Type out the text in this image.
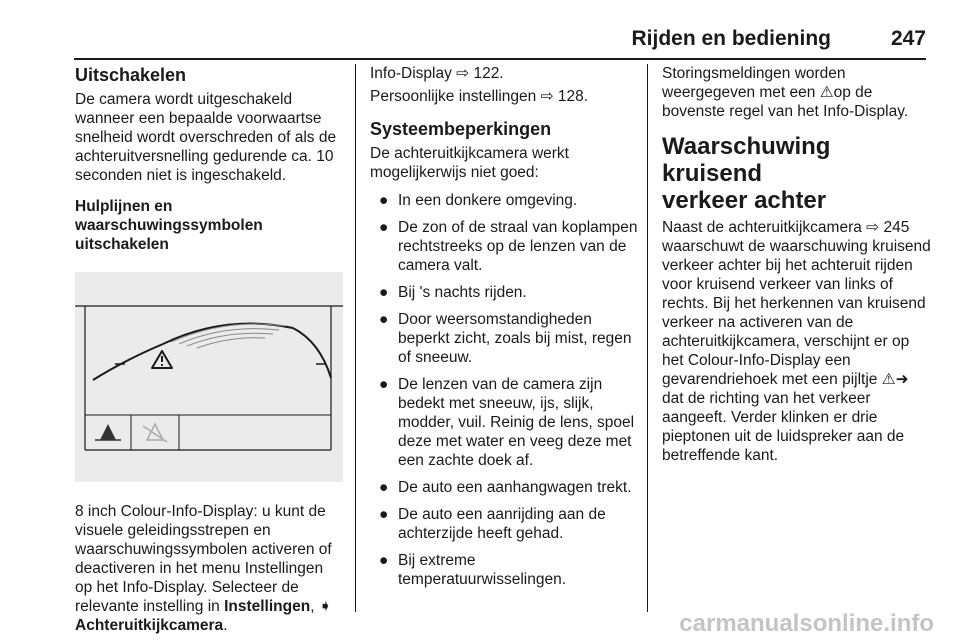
Rijden en bediening	247
Uitschakelen

De camera wordt uitgeschakeld wanneer een bepaalde voorwaartse snelheid wordt overschreden of als de achteruitversnelling gedurende ca. 10 seconden niet is ingeschakeld.

Hulplijnen en
waarschuwingssymbolen
uitschakelen

8 inch Colour-Info-Display: u kunt de visuele geleidingsstrepen en waarschuwingssymbolen activeren of deactiveren in het menu Instellingen op het Info-Display. Selecteer de relevante instelling in Instellingen, ➧
Achteruitkijkcamera.

Info-Display ⇨ 122.

Persoonlijke instellingen ⇨ 128.

Systeembeperkingen

De achteruitkijkcamera werkt mogelijkerwijs niet goed:

● In een donkere omgeving.
● De zon of de straal van koplampen rechtstreeks op de lenzen van de camera valt.
● Bij 's nachts rijden.
● Door weersomstandigheden beperkt zicht, zoals bij mist, regen of sneeuw.
● De lenzen van de camera zijn bedekt met sneeuw, ijs, slijk, modder, vuil. Reinig de lens, spoel deze met water en veeg deze met een zachte doek af.
● De auto een aanhangwagen trekt.
● De auto een aanrijding aan de achterzijde heeft gehad.
● Bij extreme temperatuurwisselingen.

Storingsmeldingen worden weergegeven met een ⚠op de bovenste regel van het Info-Display.

Waarschuwing kruisend
verkeer achter

Naast de achteruitkijkcamera ⇨ 245 waarschuwt de waarschuwing kruisend verkeer achter bij het achteruit rijden voor kruisend verkeer van links of rechts. Bij het herkennen van kruisend verkeer na activeren van de achteruitkijkcamera, verschijnt er op het Colour-Info-Display een gevarendriehoek met een pijltje ⚠➜ dat de richting van het verkeer aangeeft. Verder klinken er drie pieptonen uit de luidspreker aan de betreffende kant.

carmanualsonline.info
